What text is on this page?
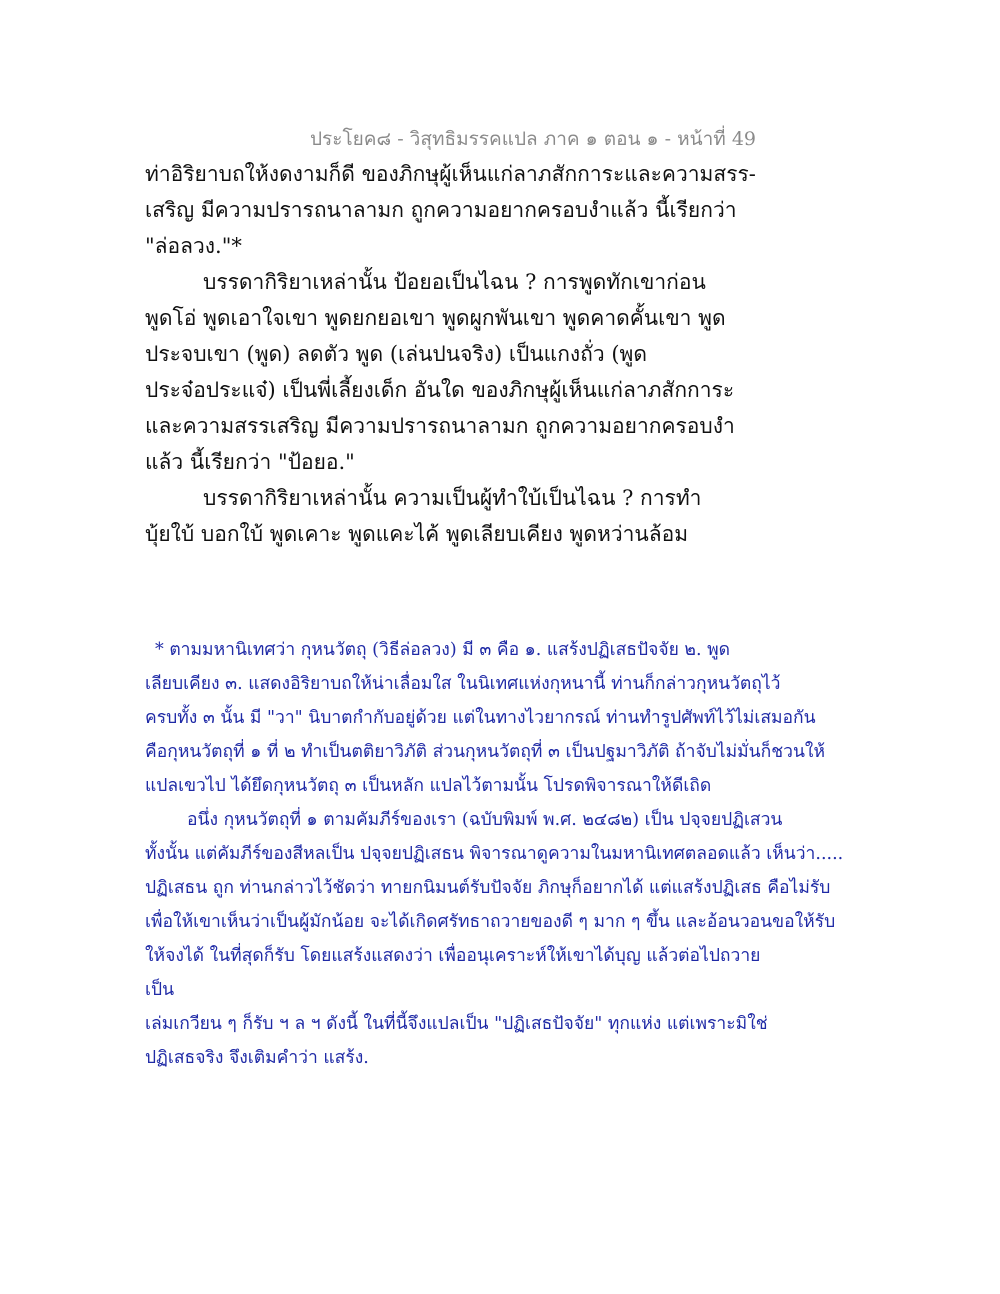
ประโยค๘ - วิสุทธิมรรคแปล ภาค ๑ ตอน ๑ - หน้าที่ 49
ท่าอิริยาบถให้งดงามก็ดี ของภิกษุผู้เห็นแก่ลาภสักการะและความสรร-
เสริญ มีความปรารถนาลามก ถูกความอยากครอบงำแล้ว นี้เรียกว่า
"ล่อลวง."*
บรรดากิริยาเหล่านั้น ป้อยอเป็นไฉน ? การพูดทักเขาก่อน
พูดโอ่ พูดเอาใจเขา พูดยกยอเขา พูดผูกพันเขา พูดคาดคั้นเขา พูด
ประจบเขา (พูด) ลดตัว พูด (เล่นปนจริง) เป็นแกงถั่ว (พูด
ประจ๋อประแจ๋) เป็นพี่เลี้ยงเด็ก อันใด ของภิกษุผู้เห็นแก่ลาภสักการะ
และความสรรเสริญ มีความปรารถนาลามก ถูกความอยากครอบงำ
แล้ว นี้เรียกว่า "ป้อยอ."
บรรดากิริยาเหล่านั้น ความเป็นผู้ทำใบ้เป็นไฉน ? การทำ
บุ้ยใบ้ บอกใบ้ พูดเคาะ พูดแคะไค้ พูดเลียบเคียง พูดหว่านล้อม
* ตามมหานิเทศว่า กุหนวัตถุ (วิธีล่อลวง) มี ๓ คือ ๑. แสร้งปฏิเสธปัจจัย ๒. พูด
เลียบเคียง ๓. แสดงอิริยาบถให้น่าเลื่อมใส ในนิเทศแห่งกุหนานี้ ท่านก็กล่าวกุหนวัตถุไว้
ครบทั้ง ๓ นั้น มี "วา" นิบาตกำกับอยู่ด้วย แต่ในทางไวยากรณ์ ท่านทำรูปศัพท์ไว้ไม่เสมอกัน
คือกุหนวัตถุที่ ๑ ที่ ๒ ทำเป็นตติยาวิภัติ ส่วนกุหนวัตถุที่ ๓ เป็นปฐมาวิภัติ ถ้าจับไม่มั่นก็ชวนให้
แปลเขวไป ได้ยึดกุหนวัตถุ ๓ เป็นหลัก แปลไว้ตามนั้น โปรดพิจารณาให้ดีเถิด
อนึ่ง กุหนวัตถุที่ ๑ ตามคัมภีร์ของเรา (ฉบับพิมพ์ พ.ศ. ๒๔๘๒) เป็น ปจฺจยปฏิเสวน
ทั้งนั้น แต่คัมภีร์ของสีหลเป็น ปจฺจยปฏิเสธน พิจารณาดูความในมหานิเทศตลอดแล้ว เห็นว่า.....
ปฏิเสธน ถูก ท่านกล่าวไว้ชัดว่า ทายกนิมนต์รับปัจจัย ภิกษุก็อยากได้ แต่แสร้งปฏิเสธ คือไม่รับ
เพื่อให้เขาเห็นว่าเป็นผู้มักน้อย จะได้เกิดศรัทธาถวายของดี ๆ มาก ๆ ขึ้น และอ้อนวอนขอให้รับ
ให้จงได้ ในที่สุดก็รับ โดยแสร้งแสดงว่า เพื่ออนุเคราะห์ให้เขาได้บุญ แล้วต่อไปถวาย
เป็น
เล่มเกวียน ๆ ก็รับ ฯ ล ฯ ดังนี้ ในที่นี้จึงแปลเป็น "ปฏิเสธปัจจัย" ทุกแห่ง แต่เพราะมิใช่
ปฏิเสธจริง จึงเติมคำว่า แสร้ง.
